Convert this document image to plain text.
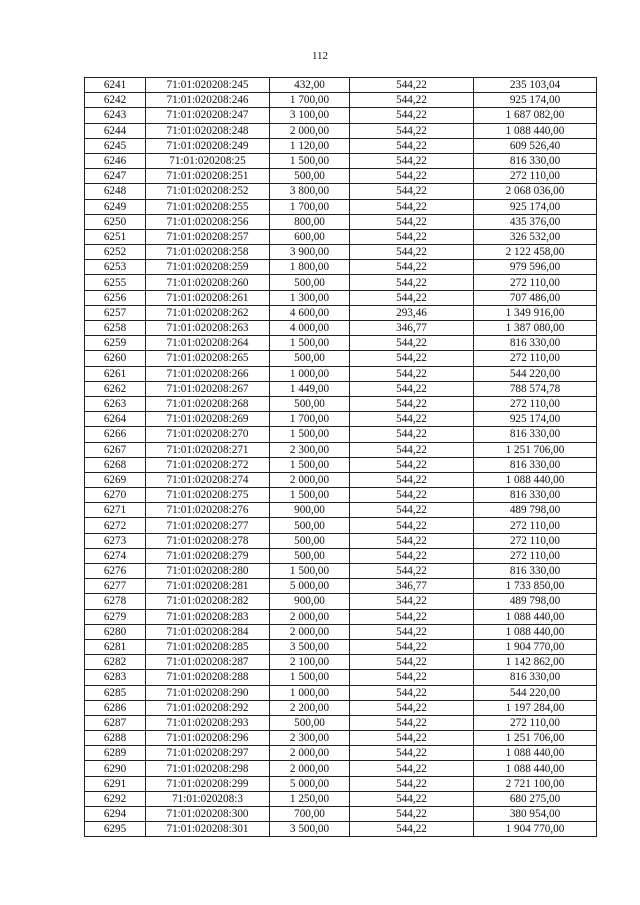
112
6241	71:01:020208:245	432,00	544,22	235 103,04
6242	71:01:020208:246	1 700,00	544,22	925 174,00
6243	71:01:020208:247	3 100,00	544,22	1 687 082,00
6244	71:01:020208:248	2 000,00	544,22	1 088 440,00
6245	71:01:020208:249	1 120,00	544,22	609 526,40
6246	71:01:020208:25	1 500,00	544,22	816 330,00
6247	71:01:020208:251	500,00	544,22	272 110,00
6248	71:01:020208:252	3 800,00	544,22	2 068 036,00
6249	71:01:020208:255	1 700,00	544,22	925 174,00
6250	71:01:020208:256	800,00	544,22	435 376,00
6251	71:01:020208:257	600,00	544,22	326 532,00
6252	71:01:020208:258	3 900,00	544,22	2 122 458,00
6253	71:01:020208:259	1 800,00	544,22	979 596,00
6255	71:01:020208:260	500,00	544,22	272 110,00
6256	71:01:020208:261	1 300,00	544,22	707 486,00
6257	71:01:020208:262	4 600,00	293,46	1 349 916,00
6258	71:01:020208:263	4 000,00	346,77	1 387 080,00
6259	71:01:020208:264	1 500,00	544,22	816 330,00
6260	71:01:020208:265	500,00	544,22	272 110,00
6261	71:01:020208:266	1 000,00	544,22	544 220,00
6262	71:01:020208:267	1 449,00	544,22	788 574,78
6263	71:01:020208:268	500,00	544,22	272 110,00
6264	71:01:020208:269	1 700,00	544,22	925 174,00
6266	71:01:020208:270	1 500,00	544,22	816 330,00
6267	71:01:020208:271	2 300,00	544,22	1 251 706,00
6268	71:01:020208:272	1 500,00	544,22	816 330,00
6269	71:01:020208:274	2 000,00	544,22	1 088 440,00
6270	71:01:020208:275	1 500,00	544,22	816 330,00
6271	71:01:020208:276	900,00	544,22	489 798,00
6272	71:01:020208:277	500,00	544,22	272 110,00
6273	71:01:020208:278	500,00	544,22	272 110,00
6274	71:01:020208:279	500,00	544,22	272 110,00
6276	71:01:020208:280	1 500,00	544,22	816 330,00
6277	71:01:020208:281	5 000,00	346,77	1 733 850,00
6278	71:01:020208:282	900,00	544,22	489 798,00
6279	71:01:020208:283	2 000,00	544,22	1 088 440,00
6280	71:01:020208:284	2 000,00	544,22	1 088 440,00
6281	71:01:020208:285	3 500,00	544,22	1 904 770,00
6282	71:01:020208:287	2 100,00	544,22	1 142 862,00
6283	71:01:020208:288	1 500,00	544,22	816 330,00
6285	71:01:020208:290	1 000,00	544,22	544 220,00
6286	71:01:020208:292	2 200,00	544,22	1 197 284,00
6287	71:01:020208:293	500,00	544,22	272 110,00
6288	71:01:020208:296	2 300,00	544,22	1 251 706,00
6289	71:01:020208:297	2 000,00	544,22	1 088 440,00
6290	71:01:020208:298	2 000,00	544,22	1 088 440,00
6291	71:01:020208:299	5 000,00	544,22	2 721 100,00
6292	71:01:020208:3	1 250,00	544,22	680 275,00
6294	71:01:020208:300	700,00	544,22	380 954,00
6295	71:01:020208:301	3 500,00	544,22	1 904 770,00
